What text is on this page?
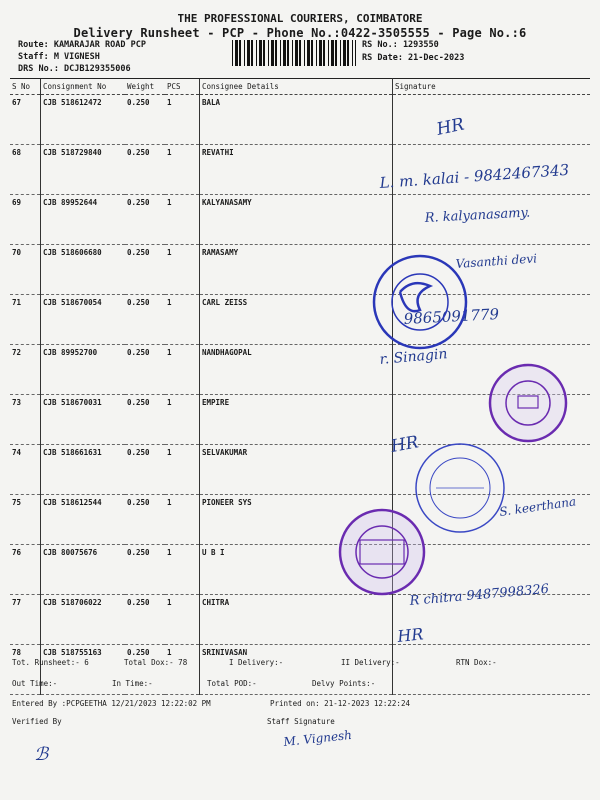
THE PROFESSIONAL COURIERS, COIMBATORE
Delivery Runsheet - PCP - Phone No.:0422-3505555 - Page No.:6
Route: KAMARAJAR ROAD PCP
Staff: M VIGNESH
DRS No.: DCJB129355006
RS No.: 1293550
RS Date: 21-Dec-2023
S No	Consignment No	Weight	PCS	Consignee Details	Signature
67	CJB 518612472	0.250	1	BALA	
68	CJB 518729840	0.250	1	REVATHI	
69	CJB 89952644	0.250	1	KALYANASAMY	
70	CJB 518606680	0.250	1	RAMASAMY	
71	CJB 518670054	0.250	1	CARL ZEISS	
72	CJB 89952700	0.250	1	NANDHAGOPAL	
73	CJB 518670031	0.250	1	EMPIRE	
74	CJB 518661631	0.250	1	SELVAKUMAR	
75	CJB 518612544	0.250	1	PIONEER SYS	
76	CJB 80075676	0.250	1	U B I	
77	CJB 518706022	0.250	1	CHITRA	
78	CJB 518755163	0.250	1	SRINIVASAN	
Tot. Runsheet:- 6	Total Dox:- 78	I Delivery:-	II Delivery:-	RTN Dox:-
Out Time:-	In Time:-	Total POD:-	Delvy Points:-
Entered By :PCPGEETHA 12/21/2023 12:22:02 PM	Printed on: 21-12-2023 12:22:24
Verified By	Staff Signature
HR
L. m. kalai - 9842467343
R. kalyanasamy.
Vasanthi devi
9865091779
r. Sinagin
HR
S. keerthana
R chitra 9487998326
HR
M. Vignesh
ℬ
